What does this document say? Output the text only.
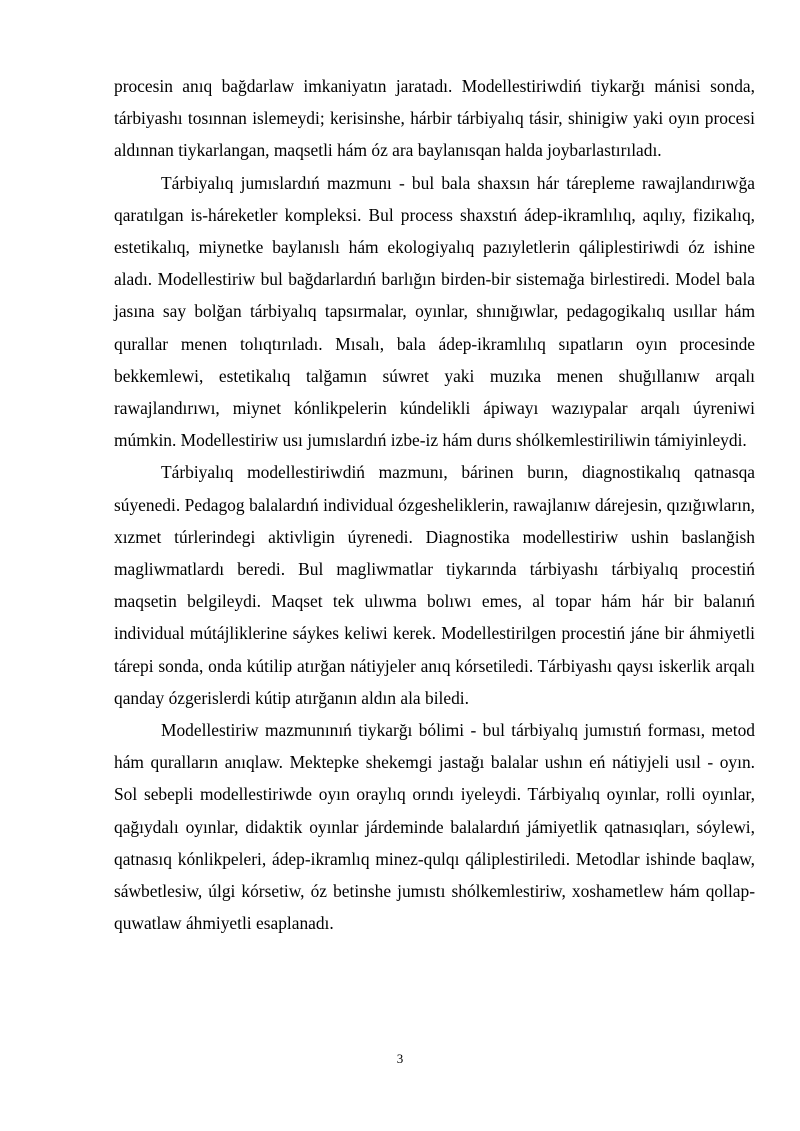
procesin anıq bağdarlaw imkaniyatın jaratadı. Modellestiriwdiń tiykarğı mánisi sonda, tárbiyashı tosınnan islemeydi; kerisinshe, hárbir tárbiyalıq tásir, shinigiw yaki oyın procesi aldınnan tiykarlangan, maqsetli hám óz ara baylanısqan halda joybarlastırıladı.

Tárbiyalıq jumıslardıń mazmunı - bul bala shaxsın hár tárepleme rawajlandırıwğa qaratılgan is-háreketler kompleksi. Bul process shaxstıń ádep-ikramlılıq, aqılıy, fizikalıq, estetikalıq, miynetke baylanıslı hám ekologiyalıq pazıyletlerin qáliplestiriwdi óz ishine aladı. Modellestiriw bul bağdarlardıń barlığın birden-bir sistemağa birlestiredi. Model bala jasına say bolğan tárbiyalıq tapsırmalar, oyınlar, shınığıwlar, pedagogikalıq usıllar hám qurallar menen tolıqtırıladı. Mısalı, bala ádep-ikramlılıq sıpatların oyın procesinde bekkemlewi, estetikalıq talğamın súwret yaki muzıka menen shuğıllanıw arqalı rawajlandırıwı, miynet kónlikpelerin kúndelikli ápiwayı wazıypalar arqalı úyreniwi múmkin. Modellestiriw usı jumıslardıń izbe-iz hám durıs shólkemlestiriliwin támiyinleydi.

Tárbiyalıq modellestiriwdiń mazmunı, bárinen burın, diagnostikalıq qatnasqa súyenedi. Pedagog balalardıń individual ózgesheliklerin, rawajlanıw dárejesin, qızığıwların, xızmet túrlerindegi aktivligin úyrenedi. Diagnostika modellestiriw ushin baslanğish magliwmatlardı beredi. Bul magliwmatlar tiykarında tárbiyashı tárbiyalıq procestiń maqsetin belgileydi. Maqset tek ulıwma bolıwı emes, al topar hám hár bir balanıń individual mútájliklerine sáykes keliwi kerek. Modellestirilgen procestiń jáne bir áhmiyetli tárepi sonda, onda kútilip atırğan nátiyjeler anıq kórsetiledi. Tárbiyashı qaysı iskerlik arqalı qanday ózgerislerdi kútip atırğanın aldın ala biledi.

Modellestiriw mazmunınıń tiykarğı bólimi - bul tárbiyalıq jumıstıń forması, metod hám quralların anıqlaw. Mektepke shekemgi jastağı balalar ushın eń nátiyjeli usıl - oyın. Sol sebepli modellestiriwde oyın oraylıq orındı iyeleydi. Tárbiyalıq oyınlar, rolli oyınlar, qağıydalı oyınlar, didaktik oyınlar járdeminde balalardıń jámiyetlik qatnasıqları, sóylewi, qatnasıq kónlikpeleri, ádep-ikramlıq minez-qulqı qáliplestiriledi. Metodlar ishinde baqlaw, sáwbetlesiw, úlgi kórsetiw, óz betinshe jumıstı shólkemlestiriw, xoshametlew hám qollap-quwatlaw áhmiyetli esaplanadı.

3
